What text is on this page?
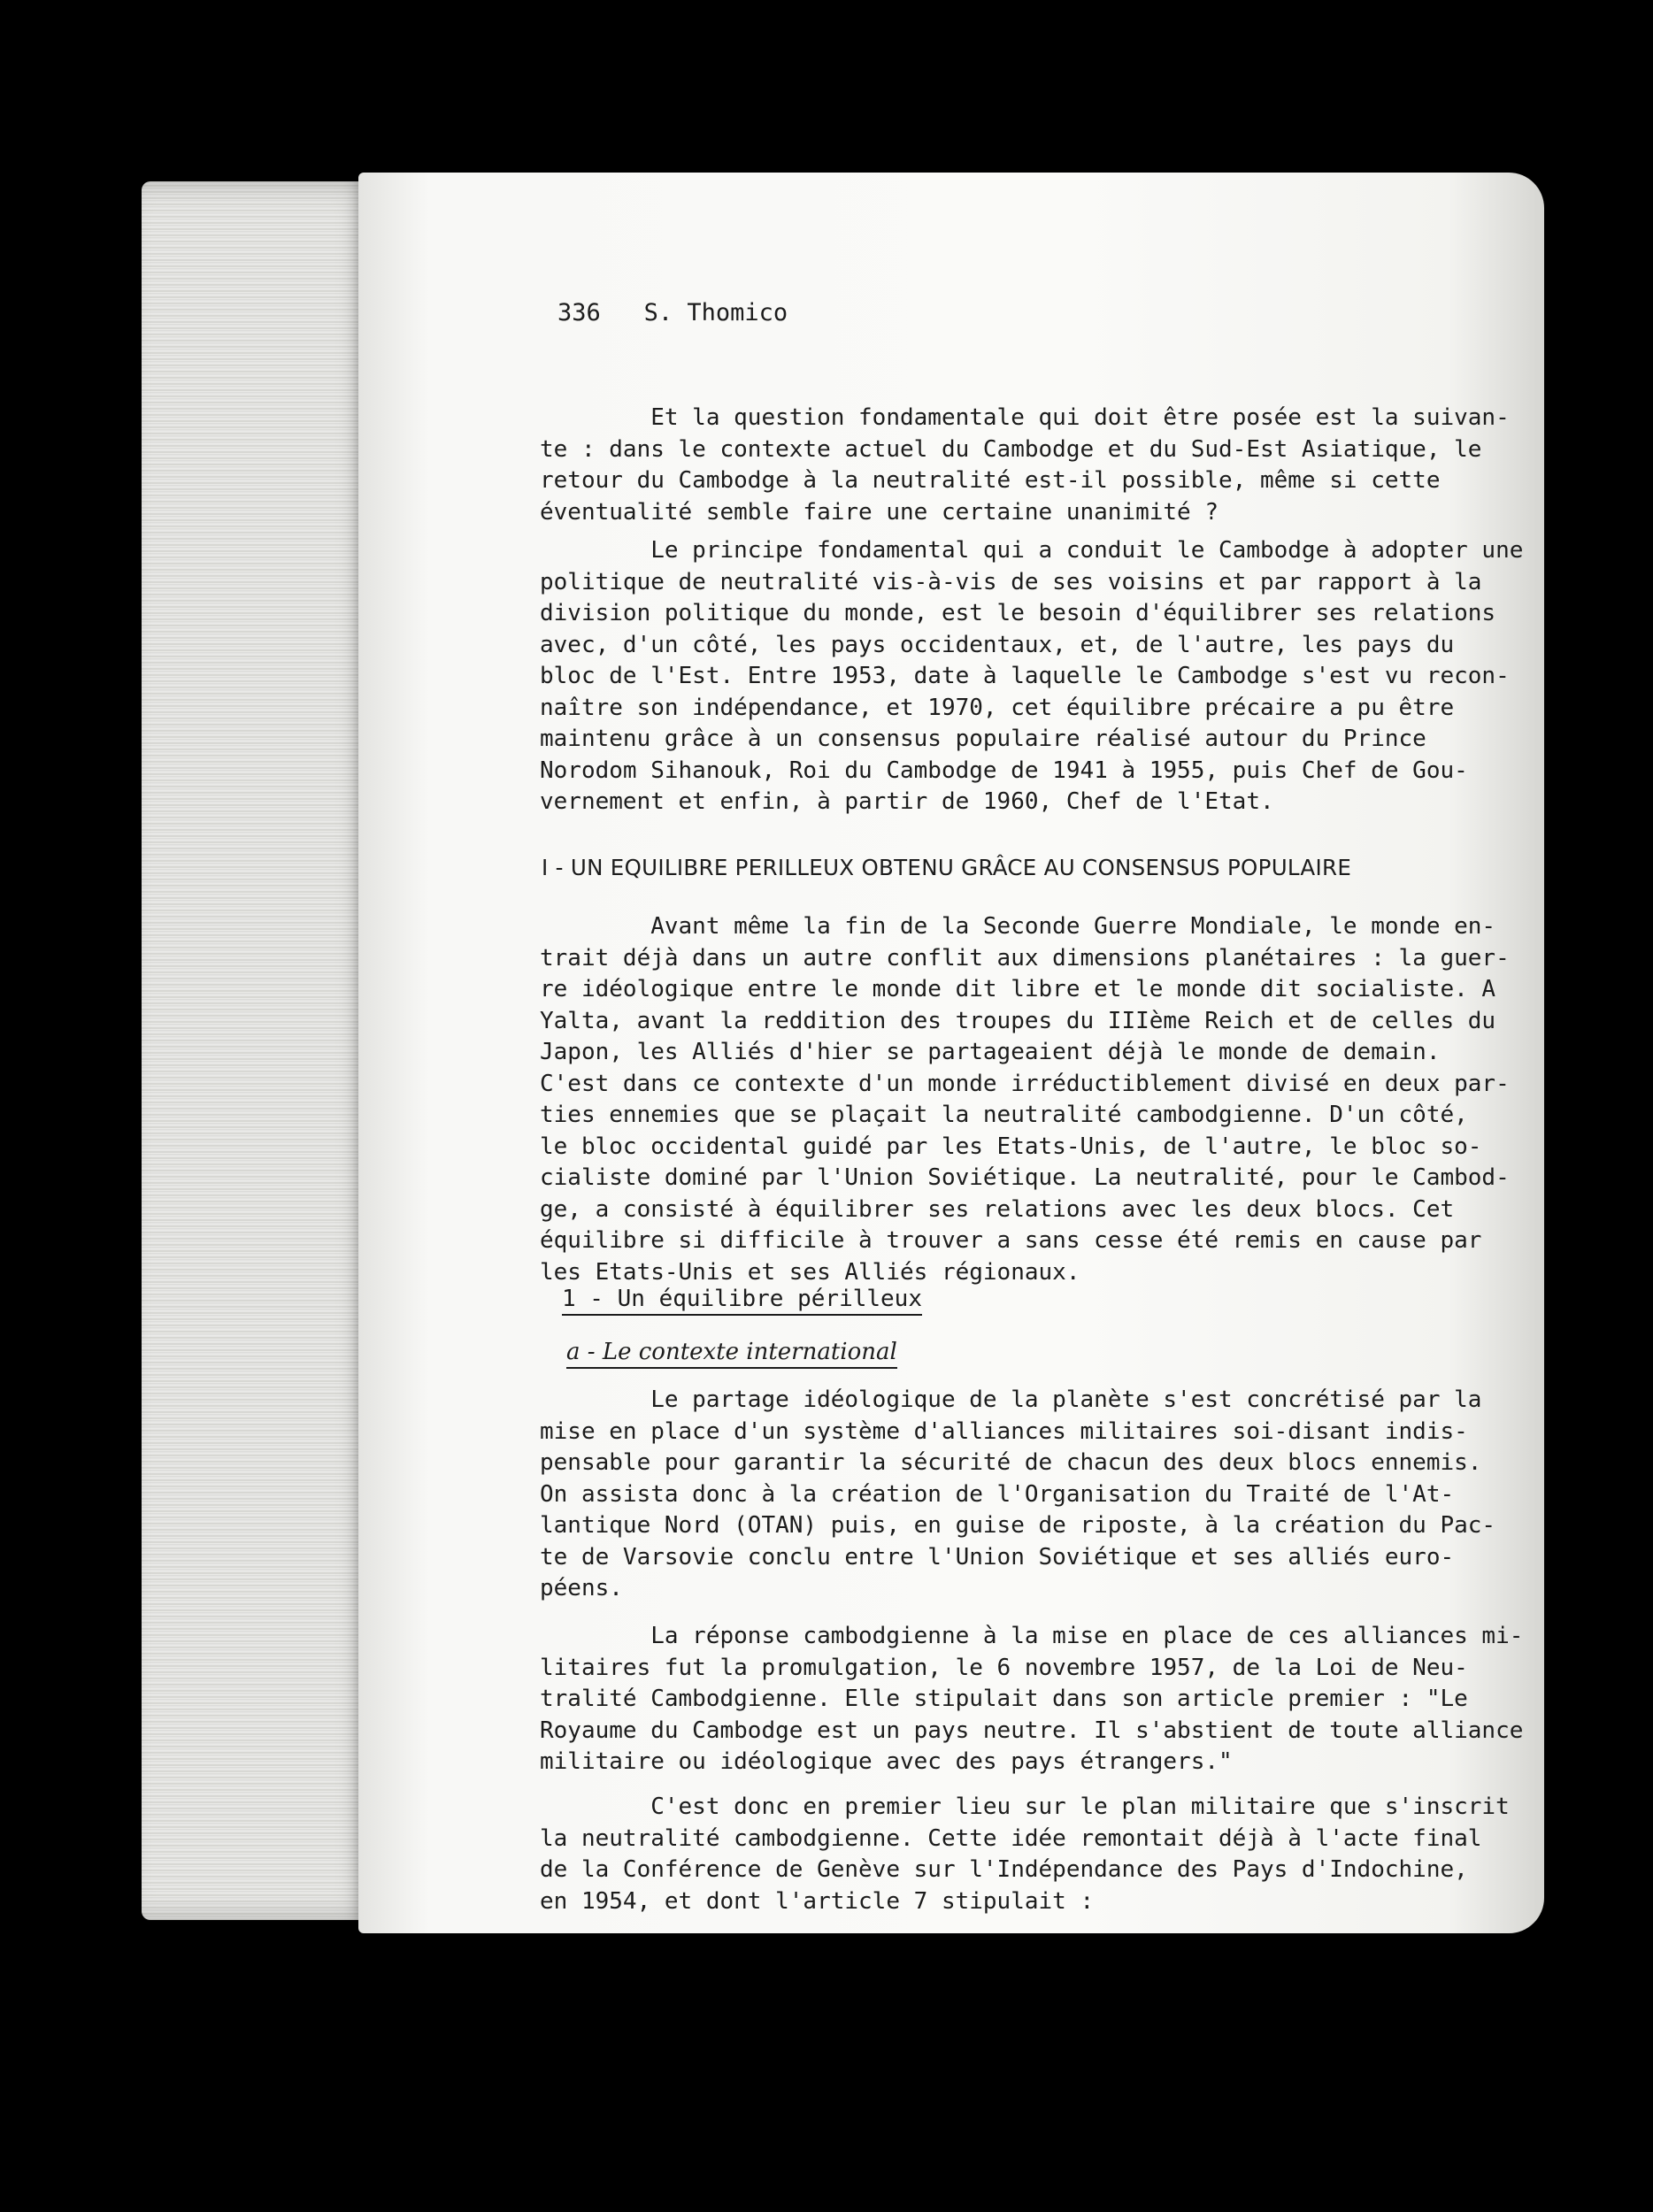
336 S. Thomico
Et la question fondamentale qui doit être posée est la suivan-
te : dans le contexte actuel du Cambodge et du Sud-Est Asiatique, le
retour du Cambodge à la neutralité est-il possible, même si cette
éventualité semble faire une certaine unanimité ?
Le principe fondamental qui a conduit le Cambodge à adopter une
politique de neutralité vis-à-vis de ses voisins et par rapport à la
division politique du monde, est le besoin d'équilibrer ses relations
avec, d'un côté, les pays occidentaux, et, de l'autre, les pays du
bloc de l'Est. Entre 1953, date à laquelle le Cambodge s'est vu recon-
naître son indépendance, et 1970, cet équilibre précaire a pu être
maintenu grâce à un consensus populaire réalisé autour du Prince
Norodom Sihanouk, Roi du Cambodge de 1941 à 1955, puis Chef de Gou-
vernement et enfin, à partir de 1960, Chef de l'Etat.
I - UN EQUILIBRE PERILLEUX OBTENU GRÂCE AU CONSENSUS POPULAIRE
Avant même la fin de la Seconde Guerre Mondiale, le monde en-
trait déjà dans un autre conflit aux dimensions planétaires : la guer-
re idéologique entre le monde dit libre et le monde dit socialiste. A
Yalta, avant la reddition des troupes du IIIème Reich et de celles du
Japon, les Alliés d'hier se partageaient déjà le monde de demain.
C'est dans ce contexte d'un monde irréductiblement divisé en deux par-
ties ennemies que se plaçait la neutralité cambodgienne. D'un côté,
le bloc occidental guidé par les Etats-Unis, de l'autre, le bloc so-
cialiste dominé par l'Union Soviétique. La neutralité, pour le Cambod-
ge, a consisté à équilibrer ses relations avec les deux blocs. Cet
équilibre si difficile à trouver a sans cesse été remis en cause par
les Etats-Unis et ses Alliés régionaux.
1 - Un équilibre périlleux
a - Le contexte international
Le partage idéologique de la planète s'est concrétisé par la
mise en place d'un système d'alliances militaires soi-disant indis-
pensable pour garantir la sécurité de chacun des deux blocs ennemis.
On assista donc à la création de l'Organisation du Traité de l'At-
lantique Nord (OTAN) puis, en guise de riposte, à la création du Pac-
te de Varsovie conclu entre l'Union Soviétique et ses alliés euro-
péens.
La réponse cambodgienne à la mise en place de ces alliances mi-
litaires fut la promulgation, le 6 novembre 1957, de la Loi de Neu-
tralité Cambodgienne. Elle stipulait dans son article premier : "Le
Royaume du Cambodge est un pays neutre. Il s'abstient de toute alliance
militaire ou idéologique avec des pays étrangers."
C'est donc en premier lieu sur le plan militaire que s'inscrit
la neutralité cambodgienne. Cette idée remontait déjà à l'acte final
de la Conférence de Genève sur l'Indépendance des Pays d'Indochine,
en 1954, et dont l'article 7 stipulait :
